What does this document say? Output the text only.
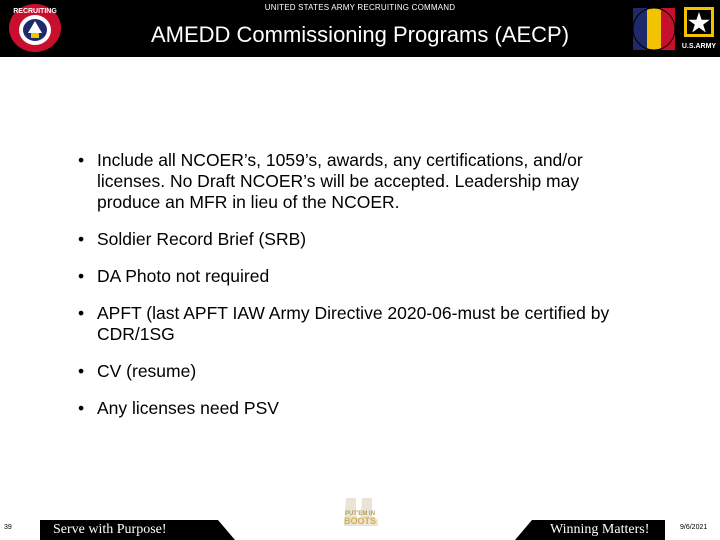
UNITED STATES ARMY RECRUITING COMMAND
AMEDD Commissioning Programs (AECP)
RECRUITING
U.S.ARMY
• Include all NCOER’s, 1059’s, awards, any certifications, and/or licenses. No Draft NCOER’s will be accepted. Leadership may produce an MFR in lieu of the NCOER.
• Soldier Record Brief (SRB)
• DA Photo not required
• APFT (last APFT IAW Army Directive 2020-06-must be certified by CDR/1SG
• CV (resume)
• Any licenses need PSV
39	Serve with Purpose!
PUT'EM IN
BOOTS
Winning Matters!	9/6/2021
